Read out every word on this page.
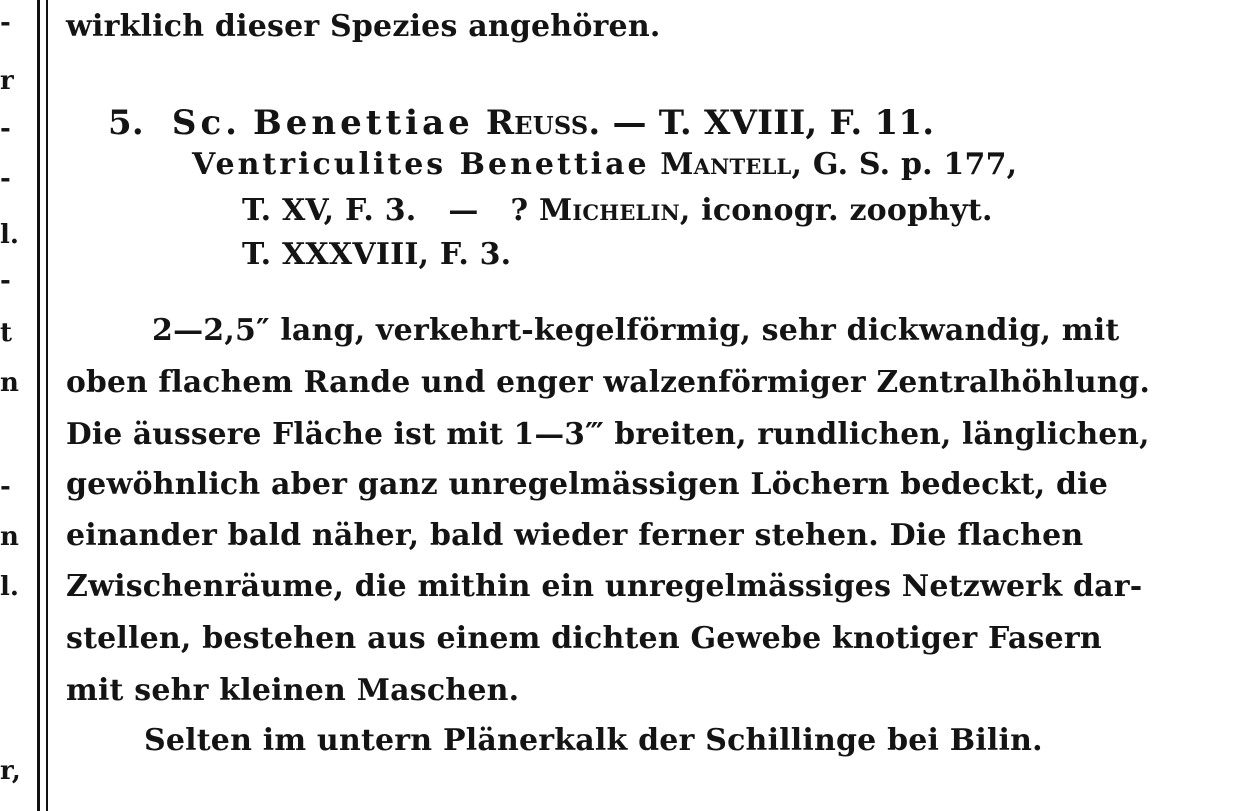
-
r
-
-
l.
-
t
n
-
n
l.
r,
wirklich dieser Spezies angehören.
5. Sc. Benettiae Reuss. — T. XVIII, F. 11.
Ventriculites Benettiae Mantell, G. S. p. 177,
T. XV, F. 3. — ? Michelin, iconogr. zoophyt.
T. XXXVIII, F. 3.
2—2,5″ lang, verkehrt-kegelförmig, sehr dickwandig, mit
oben flachem Rande und enger walzenförmiger Zentralhöhlung.
Die äussere Fläche ist mit 1—3‴ breiten, rundlichen, länglichen,
gewöhnlich aber ganz unregelmässigen Löchern bedeckt, die
einander bald näher, bald wieder ferner stehen. Die flachen
Zwischenräume, die mithin ein unregelmässiges Netzwerk dar-
stellen, bestehen aus einem dichten Gewebe knotiger Fasern
mit sehr kleinen Maschen.
Selten im untern Plänerkalk der Schillinge bei Bilin.
